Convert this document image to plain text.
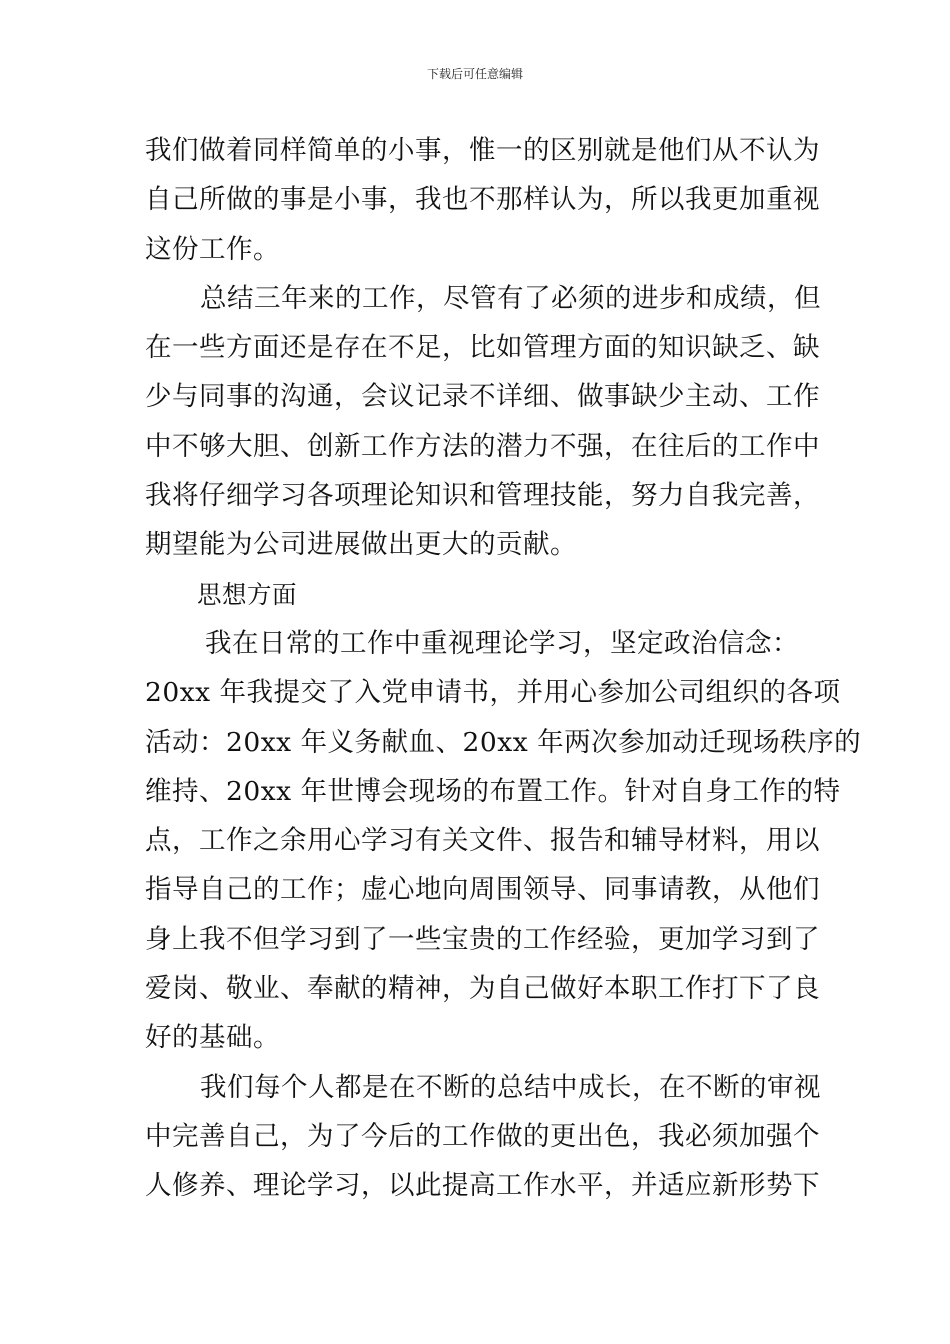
下载后可任意编辑
我们做着同样简单的小事，惟一的区别就是他们从不认为
自己所做的事是小事，我也不那样认为，所以我更加重视
这份工作。
总结三年来的工作，尽管有了必须的进步和成绩，但
在一些方面还是存在不足，比如管理方面的知识缺乏、缺
少与同事的沟通，会议记录不详细、做事缺少主动、工作
中不够大胆、创新工作方法的潜力不强，在往后的工作中
我将仔细学习各项理论知识和管理技能，努力自我完善，
期望能为公司进展做出更大的贡献。
思想方面
我在日常的工作中重视理论学习，坚定政治信念：
20xx 年我提交了入党申请书，并用心参加公司组织的各项
活动：20xx 年义务献血、20xx 年两次参加动迁现场秩序的
维持、20xx 年世博会现场的布置工作。针对自身工作的特
点，工作之余用心学习有关文件、报告和辅导材料，用以
指导自己的工作；虚心地向周围领导、同事请教，从他们
身上我不但学习到了一些宝贵的工作经验，更加学习到了
爱岗、敬业、奉献的精神，为自己做好本职工作打下了良
好的基础。
我们每个人都是在不断的总结中成长，在不断的审视
中完善自己，为了今后的工作做的更出色，我必须加强个
人修养、理论学习，以此提高工作水平，并适应新形势下
